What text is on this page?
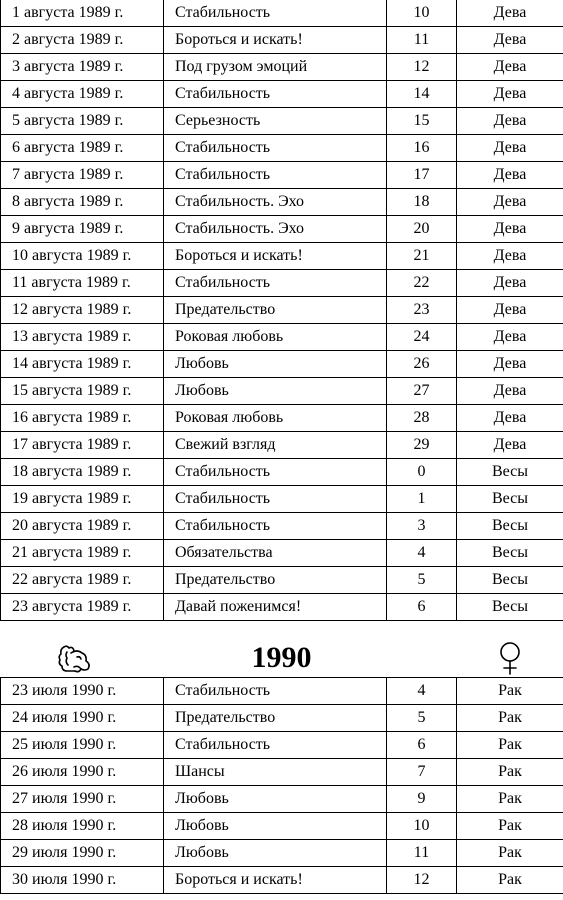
1 августа 1989 г.	Стабильность	10	Дева
2 августа 1989 г.	Бороться и искать!	11	Дева
3 августа 1989 г.	Под грузом эмоций	12	Дева
4 августа 1989 г.	Стабильность	14	Дева
5 августа 1989 г.	Серьезность	15	Дева
6 августа 1989 г.	Стабильность	16	Дева
7 августа 1989 г.	Стабильность	17	Дева
8 августа 1989 г.	Стабильность. Эхо	18	Дева
9 августа 1989 г.	Стабильность. Эхо	20	Дева
10 августа 1989 г.	Бороться и искать!	21	Дева
11 августа 1989 г.	Стабильность	22	Дева
12 августа 1989 г.	Предательство	23	Дева
13 августа 1989 г.	Роковая любовь	24	Дева
14 августа 1989 г.	Любовь	26	Дева
15 августа 1989 г.	Любовь	27	Дева
16 августа 1989 г.	Роковая любовь	28	Дева
17 августа 1989 г.	Свежий взгляд	29	Дева
18 августа 1989 г.	Стабильность	0	Весы
19 августа 1989 г.	Стабильность	1	Весы
20 августа 1989 г.	Стабильность	3	Весы
21 августа 1989 г.	Обязательства	4	Весы
22 августа 1989 г.	Предательство	5	Весы
23 августа 1989 г.	Давай поженимся!	6	Весы
1990
23 июля 1990 г.	Стабильность	4	Рак
24 июля 1990 г.	Предательство	5	Рак
25 июля 1990 г.	Стабильность	6	Рак
26 июля 1990 г.	Шансы	7	Рак
27 июля 1990 г.	Любовь	9	Рак
28 июля 1990 г.	Любовь	10	Рак
29 июля 1990 г.	Любовь	11	Рак
30 июля 1990 г.	Бороться и искать!	12	Рак
